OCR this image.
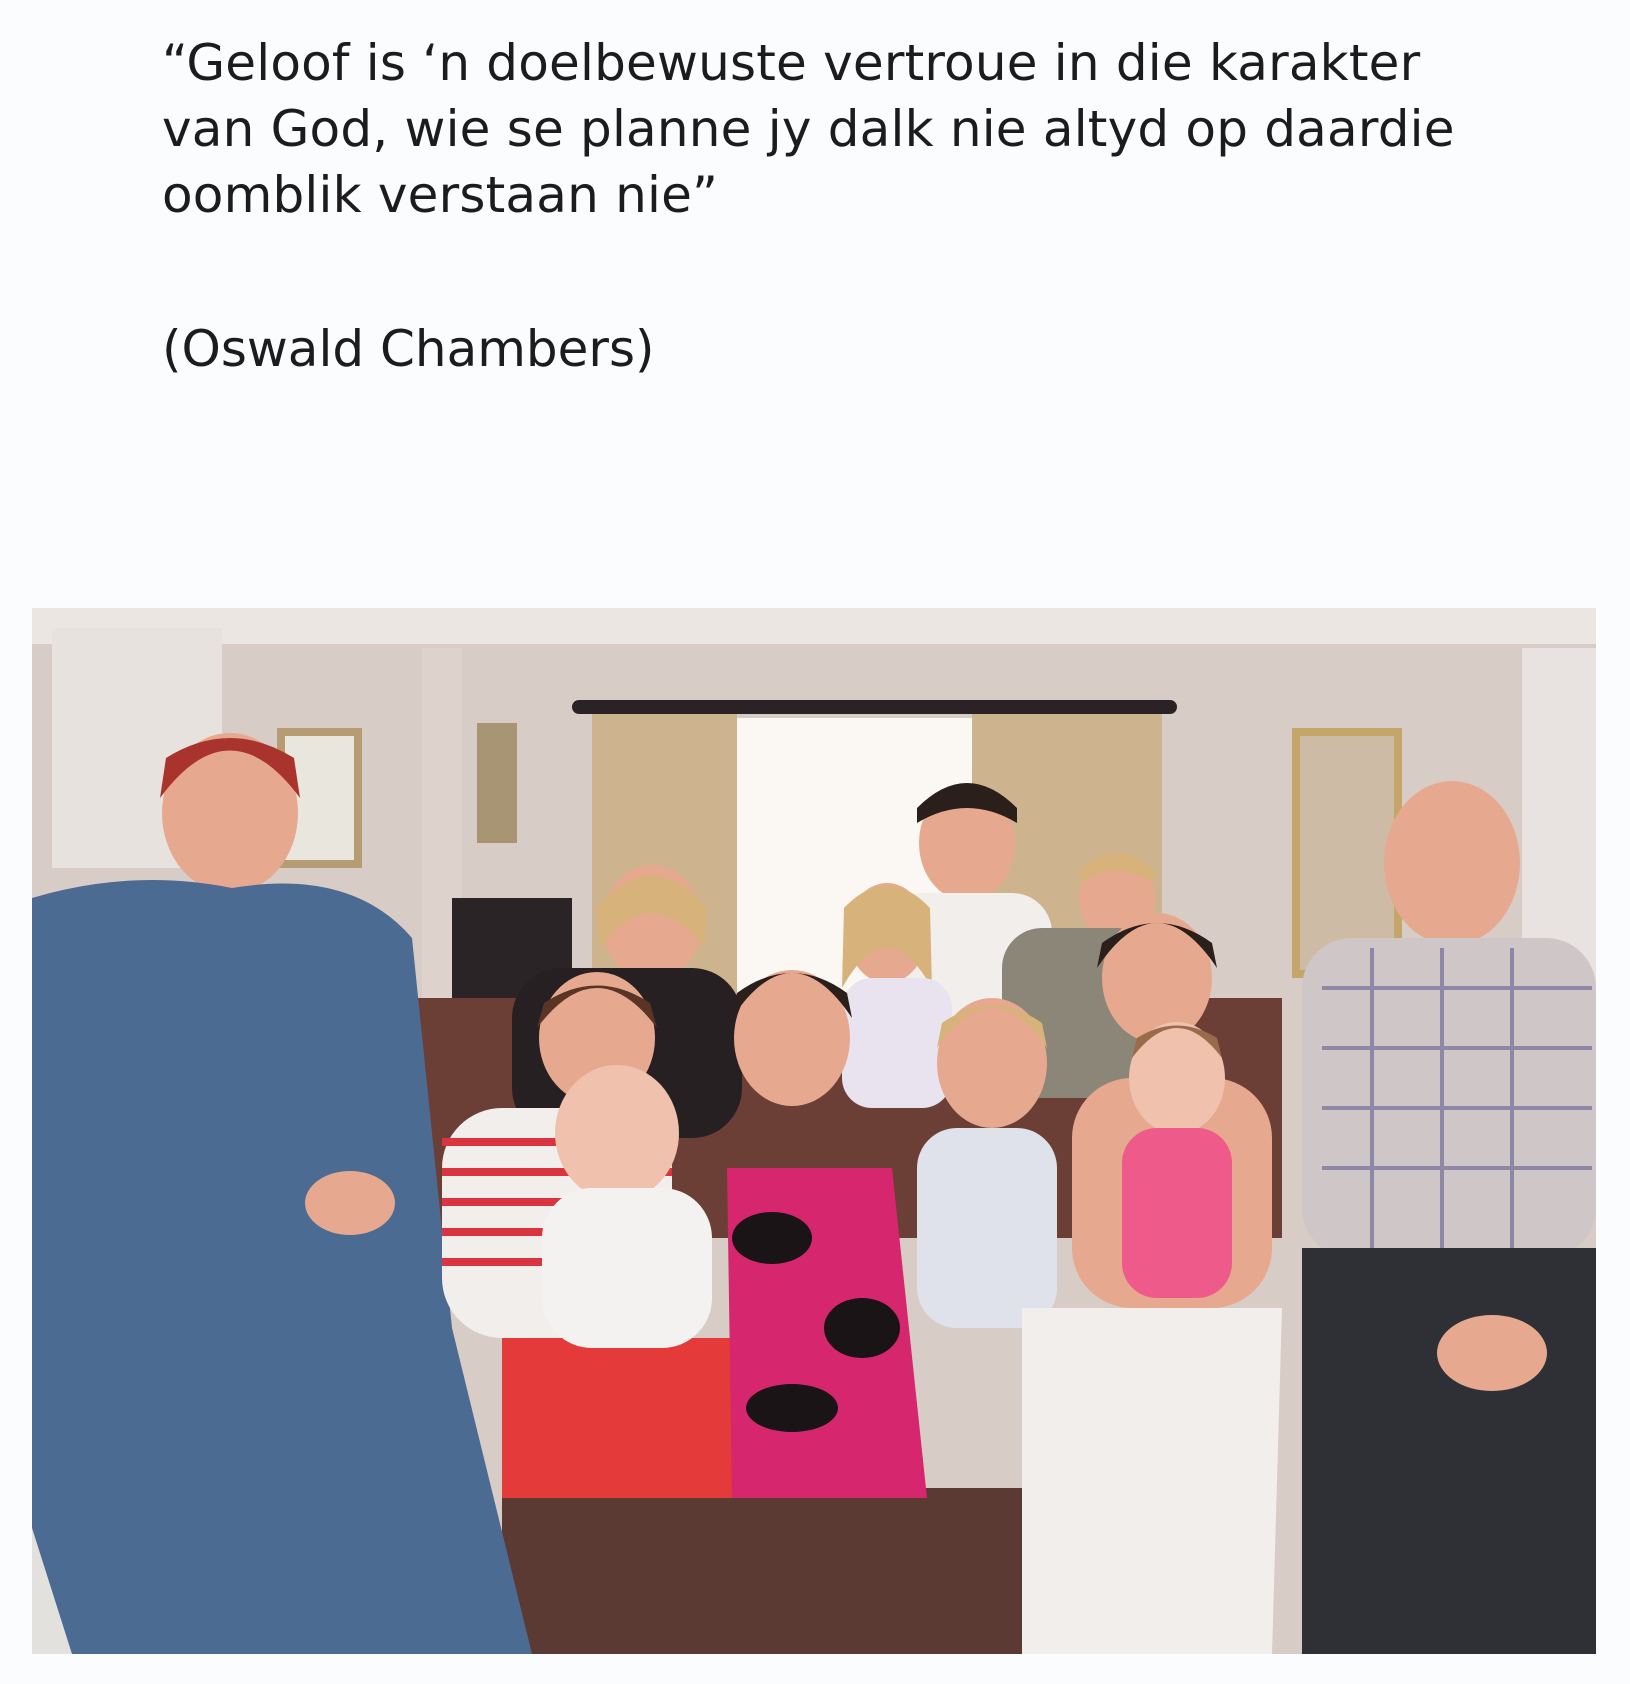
“Geloof is ‘n doelbewuste vertroue in die karakter
van God, wie se planne jy dalk nie altyd op daardie
oomblik verstaan nie”
(Oswald Chambers)
